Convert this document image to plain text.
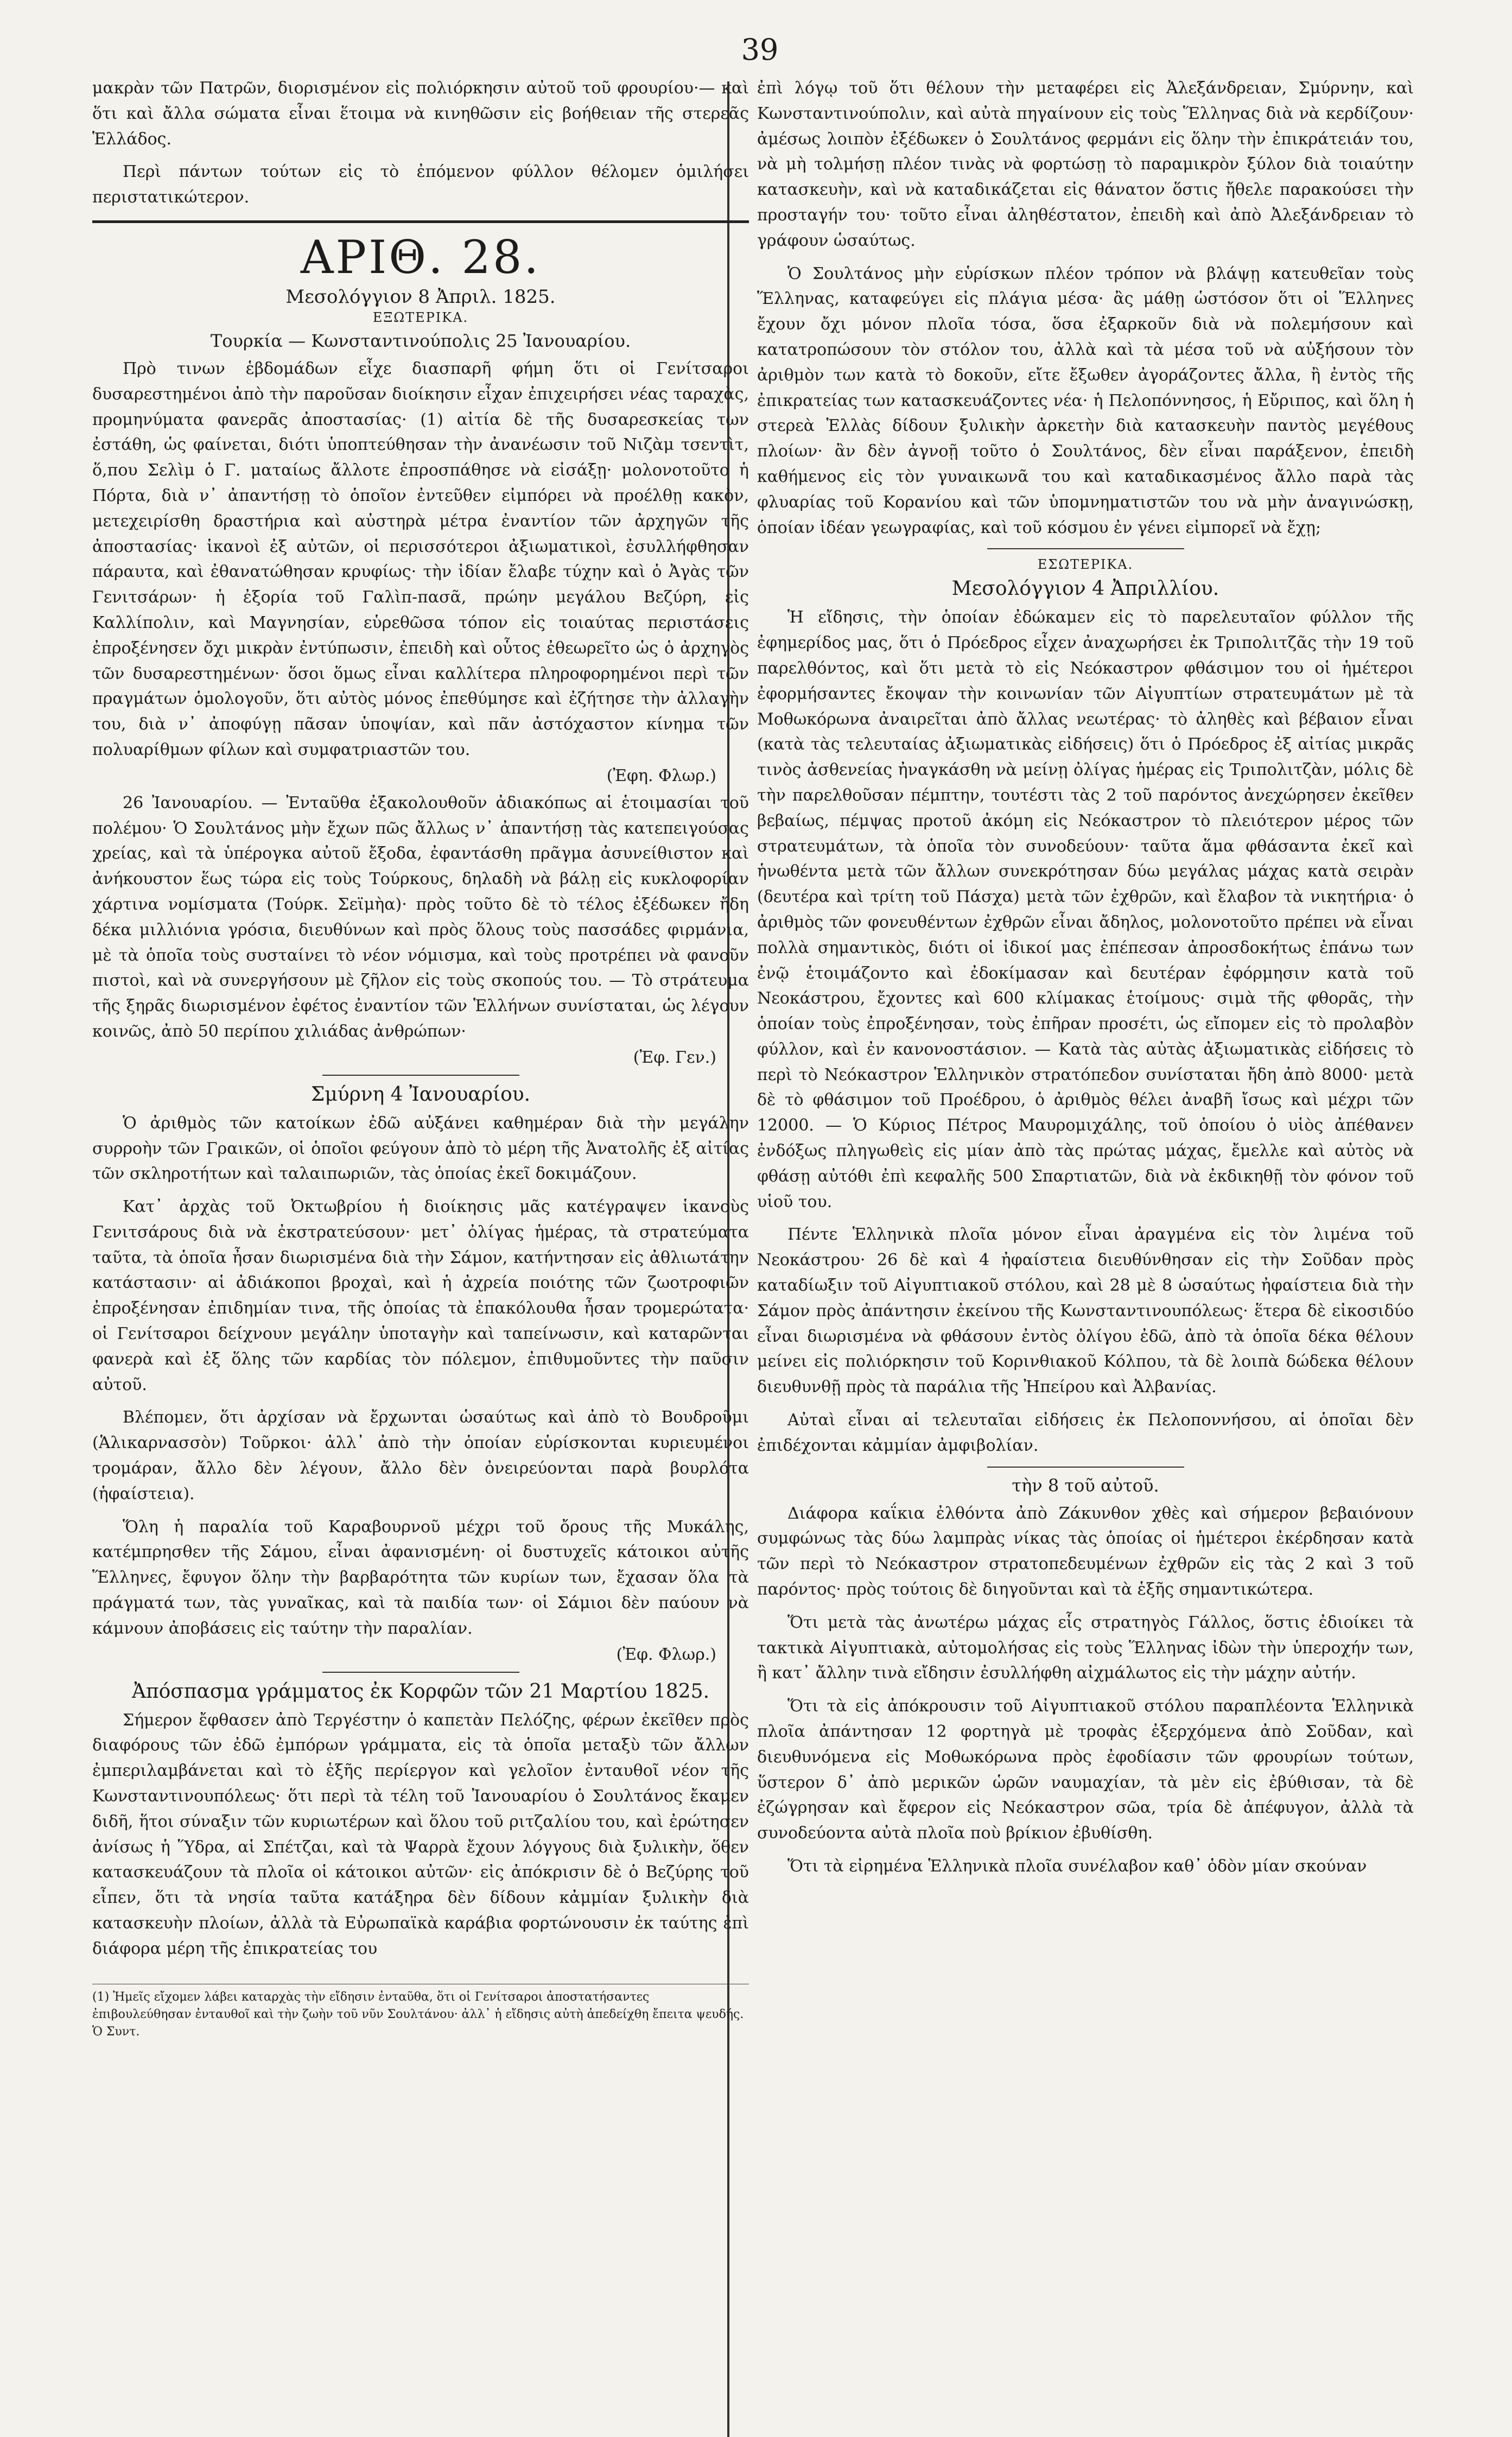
39

μακρὰν τῶν Πατρῶν, διορισμένον εἰς πολιόρκησιν αὐτοῦ τοῦ φρουρίου·— καὶ ὅτι καὶ ἄλλα σώματα εἶναι ἕτοιμα νὰ κινηθῶσιν εἰς βοήθειαν τῆς στερεᾶς Ἑλλάδος.

Περὶ πάντων τούτων εἰς τὸ ἐπόμενον φύλλον θέλομεν ὁμιλήσει περιστατικώτερον.

ΑΡΙΘ. 28.
Μεσολόγγιον 8 Ἀπριλ. 1825.
ΕΞΩΤΕΡΙΚΑ.
Τουρκία — Κωνσταντινούπολις 25 Ἰανουαρίου.

Πρὸ τινων ἑβδομάδων εἶχε διασπαρῆ φήμη ὅτι οἱ Γενίτσαροι δυσαρεστημένοι ἀπὸ τὴν παροῦσαν διοίκησιν εἶχαν ἐπιχειρήσει νέας ταραχὰς, προμηνύματα φανερᾶς ἀποστασίας· (1) αἰτία δὲ τῆς δυσαρεσκείας των ἐστάθη, ὡς φαίνεται, διότι ὑποπτεύθησαν τὴν ἀνανέωσιν τοῦ Νιζὰμ τσεντὶτ, ὅ,που Σελὶμ ὁ Γ. ματαίως ἄλλοτε ἐπροσπάθησε νὰ εἰσάξῃ· μολονοτοῦτο ἡ Πόρτα, διὰ ν᾽ ἀπαντήσῃ τὸ ὁποῖον ἐντεῦθεν εἰμπόρει νὰ προέλθῃ κακὸν, μετεχειρίσθη δραστήρια καὶ αὐστηρὰ μέτρα ἐναντίον τῶν ἀρχηγῶν τῆς ἀποστασίας· ἱκανοὶ ἐξ αὐτῶν, οἱ περισσότεροι ἀξιωματικοὶ, ἐσυλλήφθησαν πάραυτα, καὶ ἐθανατώθησαν κρυφίως· τὴν ἰδίαν ἔλαβε τύχην καὶ ὁ Ἀγὰς τῶν Γενιτσάρων· ἡ ἐξορία τοῦ Γαλὶπ-πασᾶ, πρώην μεγάλου Βεζύρη, εἰς Καλλίπολιν, καὶ Μαγνησίαν, εὑρεθῶσα τόπον εἰς τοιαύτας περιστάσεις ἐπροξένησεν ὄχι μικρὰν ἐντύπωσιν, ἐπειδὴ καὶ οὗτος ἐθεωρεῖτο ὡς ὁ ἀρχηγὸς τῶν δυσαρεστημένων· ὅσοι ὅμως εἶναι καλλίτερα πληροφορημένοι περὶ τῶν πραγμάτων ὁμολογοῦν, ὅτι αὐτὸς μόνος ἐπεθύμησε καὶ ἐζήτησε τὴν ἀλλαγὴν του, διὰ ν᾽ ἀποφύγῃ πᾶσαν ὑποψίαν, καὶ πᾶν ἀστόχαστον κίνημα τῶν πολυαρίθμων φίλων καὶ συμφατριαστῶν του.

(Ἐφη. Φλωρ.)

26 Ἰανουαρίου. — Ἐνταῦθα ἐξακολουθοῦν ἀδιακόπως αἱ ἑτοιμασίαι τοῦ πολέμου· Ὁ Σουλτάνος μὴν ἔχων πῶς ἄλλως ν᾽ ἀπαντήσῃ τὰς κατεπειγούσας χρείας, καὶ τὰ ὑπέρογκα αὐτοῦ ἔξοδα, ἐφαντάσθη πρᾶγμα ἀσυνείθιστον καὶ ἀνήκουστον ἕως τώρα εἰς τοὺς Τούρκους, δηλαδὴ νὰ βάλῃ εἰς κυκλοφορίαν χάρτινα νομίσματα (Τούρκ. Σεϊμὴα)· πρὸς τοῦτο δὲ τὸ τέλος ἐξέδωκεν ἤδη δέκα μιλλιόνια γρόσια, διευθύνων καὶ πρὸς ὅλους τοὺς πασσάδες φιρμάνια, μὲ τὰ ὁποῖα τοὺς συσταίνει τὸ νέον νόμισμα, καὶ τοὺς προτρέπει νὰ φανοῦν πιστοὶ, καὶ νὰ συνεργήσουν μὲ ζῆλον εἰς τοὺς σκοπούς του. — Τὸ στράτευμα τῆς ξηρᾶς διωρισμένον ἐφέτος ἐναντίον τῶν Ἑλλήνων συνίσταται, ὡς λέγουν κοινῶς, ἀπὸ 50 περίπου χιλιάδας ἀνθρώπων·

(Ἐφ. Γεν.)
Σμύρνη 4 Ἰανουαρίου.

Ὁ ἀριθμὸς τῶν κατοίκων ἐδῶ αὐξάνει καθημέραν διὰ τὴν μεγάλην συρροὴν τῶν Γραικῶν, οἱ ὁποῖοι φεύγουν ἀπὸ τὸ μέρη τῆς Ἀνατολῆς ἐξ αἰτίας τῶν σκληροτήτων καὶ ταλαιπωριῶν, τὰς ὁποίας ἐκεῖ δοκιμάζουν.

Κατ᾽ ἀρχὰς τοῦ Ὀκτωβρίου ἡ διοίκησις μᾶς κατέγραψεν ἱκανοὺς Γενιτσάρους διὰ νὰ ἐκστρατεύσουν· μετ᾽ ὀλίγας ἡμέρας, τὰ στρατεύματα ταῦτα, τὰ ὁποῖα ἦσαν διωρισμένα διὰ τὴν Σάμον, κατήντησαν εἰς ἀθλιωτάτην κατάστασιν· αἱ ἀδιάκοποι βροχαὶ, καὶ ἡ ἀχρεία ποιότης τῶν ζωοτροφιῶν ἐπροξένησαν ἐπιδημίαν τινα, τῆς ὁποίας τὰ ἐπακόλουθα ἦσαν τρομερώτατα· οἱ Γενίτσαροι δείχνουν μεγάλην ὑποταγὴν καὶ ταπείνωσιν, καὶ καταρῶνται φανερὰ καὶ ἐξ ὅλης τῶν καρδίας τὸν πόλεμον, ἐπιθυμοῦντες τὴν παῦσιν αὐτοῦ.

Βλέπομεν, ὅτι ἀρχίσαν νὰ ἔρχωνται ὡσαύτως καὶ ἀπὸ τὸ Βουδροῦμι (Ἁλικαρνασσὸν) Τοῦρκοι· ἀλλ᾽ ἀπὸ τὴν ὁποίαν εὑρίσκονται κυριευμένοι τρομάραν, ἄλλο δὲν λέγουν, ἄλλο δὲν ὀνειρεύονται παρὰ βουρλότα (ἡφαίστεια).

Ὅλη ἡ παραλία τοῦ Καραβουρνοῦ μέχρι τοῦ ὄρους τῆς Μυκάλης, κατέμπρησθεν τῆς Σάμου, εἶναι ἀφανισμένη· οἱ δυστυχεῖς κάτοικοι αὐτῆς Ἕλληνες, ἔφυγον ὅλην τὴν βαρβαρότητα τῶν κυρίων των, ἔχασαν ὅλα τὰ πράγματά των, τὰς γυναῖκας, καὶ τὰ παιδία των· οἱ Σάμιοι δὲν παύουν νὰ κάμνουν ἀποβάσεις εἰς ταύτην τὴν παραλίαν.

(Ἐφ. Φλωρ.)
Ἀπόσπασμα γράμματος ἐκ Κορφῶν τῶν 21 Μαρτίου 1825.

Σήμερον ἔφθασεν ἀπὸ Τεργέστην ὁ καπετὰν Πελόζης, φέρων ἐκεῖθεν πρὸς διαφόρους τῶν ἐδῶ ἐμπόρων γράμματα, εἰς τὰ ὁποῖα μεταξὺ τῶν ἄλλων ἐμπεριλαμβάνεται καὶ τὸ ἑξῆς περίεργον καὶ γελοῖον ἐνταυθοῖ νέον τῆς Κωνσταντινουπόλεως· ὅτι περὶ τὰ τέλη τοῦ Ἰανουαρίου ὁ Σουλτάνος ἔκαμεν διδῆ, ἥτοι σύναξιν τῶν κυριωτέρων καὶ ὅλου τοῦ ριτζαλίου του, καὶ ἐρώτησεν ἀνίσως ἡ Ὕδρα, αἱ Σπέτζαι, καὶ τὰ Ψαρρὰ ἔχουν λόγγους διὰ ξυλικὴν, ὅθεν κατασκευάζουν τὰ πλοῖα οἱ κάτοικοι αὐτῶν· εἰς ἀπόκρισιν δὲ ὁ Βεζύρης τοῦ εἶπεν, ὅτι τὰ νησία ταῦτα κατάξηρα δὲν δίδουν κἀμμίαν ξυλικὴν διὰ κατασκευὴν πλοίων, ἀλλὰ τὰ Εὐρωπαϊκὰ καράβια φορτώνουσιν ἐκ ταύτης ἐπὶ διάφορα μέρη τῆς ἐπικρατείας του

(1) Ἠμεῖς εἴχομεν λάβει καταρχὰς τὴν εἴδησιν ἐνταῦθα, ὅτι οἱ Γενίτσαροι ἀποστατήσαντες ἐπιβουλεύθησαν ἐνταυθοῖ καὶ τὴν ζωὴν τοῦ νῦν Σουλτάνου· ἀλλ᾽ ἡ εἴδησις αὐτὴ ἀπεδείχθη ἔπειτα ψευδής. Ὁ Συντ.

ἐπὶ λόγῳ τοῦ ὅτι θέλουν τὴν μεταφέρει εἰς Ἀλεξάνδρειαν, Σμύρνην, καὶ Κωνσταντινούπολιν, καὶ αὐτὰ πηγαίνουν εἰς τοὺς Ἕλληνας διὰ νὰ κερδίζουν· ἀμέσως λοιπὸν ἐξέδωκεν ὁ Σουλτάνος φερμάνι εἰς ὅλην τὴν ἐπικράτειάν του, νὰ μὴ τολμήσῃ πλέον τινὰς νὰ φορτώσῃ τὸ παραμικρὸν ξύλον διὰ τοιαύτην κατασκευὴν, καὶ νὰ καταδικάζεται εἰς θάνατον ὅστις ἤθελε παρακούσει τὴν προσταγήν του· τοῦτο εἶναι ἀληθέστατον, ἐπειδὴ καὶ ἀπὸ Ἀλεξάνδρειαν τὸ γράφουν ὡσαύτως.

Ὁ Σουλτάνος μὴν εὑρίσκων πλέον τρόπον νὰ βλάψῃ κατευθεῖαν τοὺς Ἕλληνας, καταφεύγει εἰς πλάγια μέσα· ἂς μάθῃ ὡστόσον ὅτι οἱ Ἕλληνες ἔχουν ὄχι μόνον πλοῖα τόσα, ὅσα ἐξαρκοῦν διὰ νὰ πολεμήσουν καὶ κατατροπώσουν τὸν στόλον του, ἀλλὰ καὶ τὰ μέσα τοῦ νὰ αὐξήσουν τὸν ἀριθμὸν των κατὰ τὸ δοκοῦν, εἴτε ἔξωθεν ἀγοράζοντες ἄλλα, ἢ ἐντὸς τῆς ἐπικρατείας των κατασκευάζοντες νέα· ἡ Πελοπόννησος, ἡ Εὔριπος, καὶ ὅλη ἡ στερεὰ Ἑλλὰς δίδουν ξυλικὴν ἀρκετὴν διὰ κατασκευὴν παντὸς μεγέθους πλοίων· ἂν δὲν ἀγνοῇ τοῦτο ὁ Σουλτάνος, δὲν εἶναι παράξενον, ἐπειδὴ καθήμενος εἰς τὸν γυναικωνᾶ του καὶ καταδικασμένος ἄλλο παρὰ τὰς φλυαρίας τοῦ Κορανίου καὶ τῶν ὑπομνηματιστῶν του νὰ μὴν ἀναγινώσκῃ, ὁποίαν ἰδέαν γεωγραφίας, καὶ τοῦ κόσμου ἐν γένει εἰμπορεῖ νὰ ἔχῃ;

ΕΣΩΤΕΡΙΚΑ.
Μεσολόγγιον 4 Ἀπριλλίου.

Ἡ εἴδησις, τὴν ὁποίαν ἐδώκαμεν εἰς τὸ παρελευταῖον φύλλον τῆς ἐφημερίδος μας, ὅτι ὁ Πρόεδρος εἶχεν ἀναχωρήσει ἐκ Τριπολιτζᾶς τὴν 19 τοῦ παρελθόντος, καὶ ὅτι μετὰ τὸ εἰς Νεόκαστρον φθάσιμον του οἱ ἡμέτεροι ἐφορμήσαντες ἔκοψαν τὴν κοινωνίαν τῶν Αἰγυπτίων στρατευμάτων μὲ τὰ Μοθωκόρωνα ἀναιρεῖται ἀπὸ ἄλλας νεωτέρας· τὸ ἀληθὲς καὶ βέβαιον εἶναι (κατὰ τὰς τελευταίας ἀξιωματικὰς εἰδήσεις) ὅτι ὁ Πρόεδρος ἐξ αἰτίας μικρᾶς τινὸς ἀσθενείας ἠναγκάσθη νὰ μείνῃ ὀλίγας ἡμέρας εἰς Τριπολιτζὰν, μόλις δὲ τὴν παρελθοῦσαν πέμπτην, τουτέστι τὰς 2 τοῦ παρόντος ἀνεχώρησεν ἐκεῖθεν βεβαίως, πέμψας προτοῦ ἀκόμη εἰς Νεόκαστρον τὸ πλειότερον μέρος τῶν στρατευμάτων, τὰ ὁποῖα τὸν συνοδεύουν· ταῦτα ἅμα φθάσαντα ἐκεῖ καὶ ἡνωθέντα μετὰ τῶν ἄλλων συνεκρότησαν δύω μεγάλας μάχας κατὰ σειρὰν (δευτέρα καὶ τρίτη τοῦ Πάσχα) μετὰ τῶν ἐχθρῶν, καὶ ἔλαβον τὰ νικητήρια· ὁ ἀριθμὸς τῶν φονευθέντων ἐχθρῶν εἶναι ἄδηλος, μολονοτοῦτο πρέπει νὰ εἶναι πολλὰ σημαντικὸς, διότι οἱ ἰδικοί μας ἐπέπεσαν ἀπροσδοκήτως ἐπάνω των ἐνῷ ἑτοιμάζοντο καὶ ἐδοκίμασαν καὶ δευτέραν ἐφόρμησιν κατὰ τοῦ Νεοκάστρου, ἔχοντες καὶ 600 κλίμακας ἑτοίμους· σιμὰ τῆς φθορᾶς, τὴν ὁποίαν τοὺς ἐπροξένησαν, τοὺς ἐπῆραν προσέτι, ὡς εἴπομεν εἰς τὸ προλαβὸν φύλλον, καὶ ἐν κανονοστάσιον. — Κατὰ τὰς αὐτὰς ἀξιωματικὰς εἰδήσεις τὸ περὶ τὸ Νεόκαστρον Ἑλληνικὸν στρατόπεδον συνίσταται ἤδη ἀπὸ 8000· μετὰ δὲ τὸ φθάσιμον τοῦ Προέδρου, ὁ ἀριθμὸς θέλει ἀναβῆ ἴσως καὶ μέχρι τῶν 12000. — Ὁ Κύριος Πέτρος Μαυρομιχάλης, τοῦ ὁποίου ὁ υἱὸς ἀπέθανεν ἐνδόξως πληγωθεὶς εἰς μίαν ἀπὸ τὰς πρώτας μάχας, ἔμελλε καὶ αὐτὸς νὰ φθάσῃ αὐτόθι ἐπὶ κεφαλῆς 500 Σπαρτιατῶν, διὰ νὰ ἐκδικηθῇ τὸν φόνον τοῦ υἱοῦ του.

Πέντε Ἑλληνικὰ πλοῖα μόνον εἶναι ἀραγμένα εἰς τὸν λιμένα τοῦ Νεοκάστρου· 26 δὲ καὶ 4 ἠφαίστεια διευθύνθησαν εἰς τὴν Σοῦδαν πρὸς καταδίωξιν τοῦ Αἰγυπτιακοῦ στόλου, καὶ 28 μὲ 8 ὡσαύτως ἠφαίστεια διὰ τὴν Σάμον πρὸς ἀπάντησιν ἐκείνου τῆς Κωνσταντινουπόλεως· ἕτερα δὲ εἰκοσιδύο εἶναι διωρισμένα νὰ φθάσουν ἐντὸς ὀλίγου ἐδῶ, ἀπὸ τὰ ὁποῖα δέκα θέλουν μείνει εἰς πολιόρκησιν τοῦ Κορινθιακοῦ Κόλπου, τὰ δὲ λοιπὰ δώδεκα θέλουν διευθυνθῇ πρὸς τὰ παράλια τῆς Ἠπείρου καὶ Ἀλβανίας.

Αὐταὶ εἶναι αἱ τελευταῖαι εἰδήσεις ἐκ Πελοποννήσου, αἱ ὁποῖαι δὲν ἐπιδέχονται κἀμμίαν ἀμφιβολίαν.

τὴν 8 τοῦ αὐτοῦ.

Διάφορα καΐκια ἐλθόντα ἀπὸ Ζάκυνθον χθὲς καὶ σήμερον βεβαιόνουν συμφώνως τὰς δύω λαμπρὰς νίκας τὰς ὁποίας οἱ ἡμέτεροι ἐκέρδησαν κατὰ τῶν περὶ τὸ Νεόκαστρον στρατοπεδευμένων ἐχθρῶν εἰς τὰς 2 καὶ 3 τοῦ παρόντος· πρὸς τούτοις δὲ διηγοῦνται καὶ τὰ ἑξῆς σημαντικώτερα.

Ὅτι μετὰ τὰς ἀνωτέρω μάχας εἷς στρατηγὸς Γάλλος, ὅστις ἐδιοίκει τὰ τακτικὰ Αἰγυπτιακὰ, αὐτομολήσας εἰς τοὺς Ἕλληνας ἰδὼν τὴν ὑπεροχήν των, ἢ κατ᾽ ἄλλην τινὰ εἴδησιν ἐσυλλήφθη αἰχμάλωτος εἰς τὴν μάχην αὐτήν.

Ὅτι τὰ εἰς ἀπόκρουσιν τοῦ Αἰγυπτιακοῦ στόλου παραπλέοντα Ἑλληνικὰ πλοῖα ἀπάντησαν 12 φορτηγὰ μὲ τροφὰς ἐξερχόμενα ἀπὸ Σοῦδαν, καὶ διευθυνόμενα εἰς Μοθωκόρωνα πρὸς ἐφοδίασιν τῶν φρουρίων τούτων, ὕστερον δ᾽ ἀπὸ μερικῶν ὡρῶν ναυμαχίαν, τὰ μὲν εἰς ἐβύθισαν, τὰ δὲ ἐζώγρησαν καὶ ἔφερον εἰς Νεόκαστρον σῶα, τρία δὲ ἀπέφυγον, ἀλλὰ τὰ συνοδεύοντα αὐτὰ πλοῖα ποὺ βρίκιον ἐβυθίσθη.

Ὅτι τὰ εἰρημένα Ἑλληνικὰ πλοῖα συνέλαβον καθ᾽ ὁδὸν μίαν σκούναν
